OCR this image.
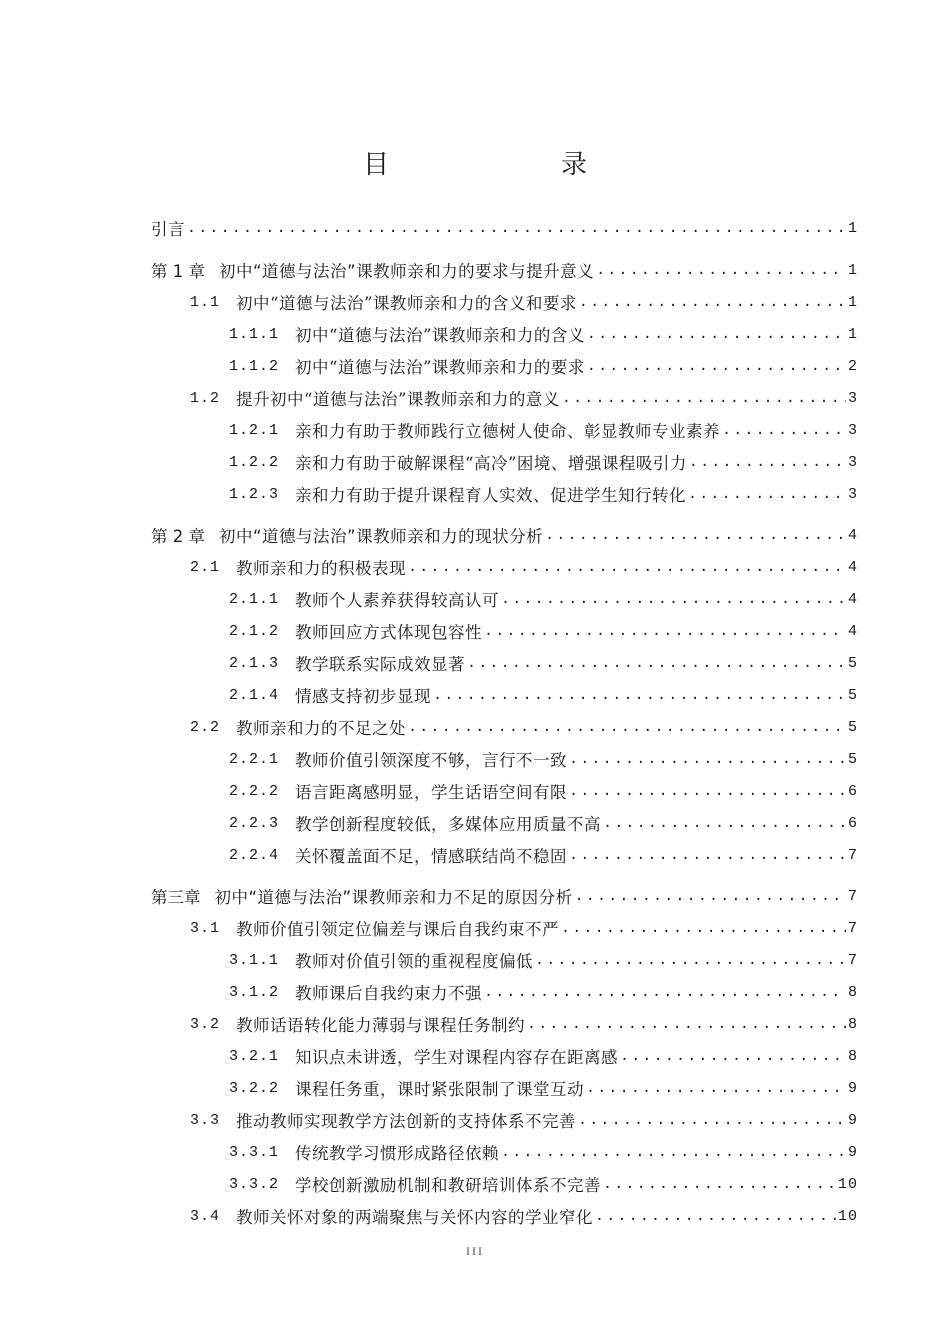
目　　录
引言 .....	1
第 1 章 初中“道德与法治”课教师亲和力的要求与提升意义 .....	1
1.1 初中“道德与法治”课教师亲和力的含义和要求 .....	1
1.1.1 初中“道德与法治”课教师亲和力的含义 .....	1
1.1.2 初中“道德与法治”课教师亲和力的要求 .....	2
1.2 提升初中“道德与法治”课教师亲和力的意义 .....	3
1.2.1 亲和力有助于教师践行立德树人使命、彰显教师专业素养 .....	3
1.2.2 亲和力有助于破解课程“高冷”困境、增强课程吸引力 .....	3
1.2.3 亲和力有助于提升课程育人实效、促进学生知行转化 .....	3
第 2 章 初中“道德与法治”课教师亲和力的现状分析 .....	4
2.1 教师亲和力的积极表现 .....	4
2.1.1 教师个人素养获得较高认可 .....	4
2.1.2 教师回应方式体现包容性 .....	4
2.1.3 教学联系实际成效显著 .....	5
2.1.4 情感支持初步显现 .....	5
2.2 教师亲和力的不足之处 .....	5
2.2.1 教师价值引领深度不够，言行不一致 .....	5
2.2.2 语言距离感明显，学生话语空间有限 .....	6
2.2.3 教学创新程度较低，多媒体应用质量不高 .....	6
2.2.4 关怀覆盖面不足，情感联结尚不稳固 .....	7
第三章 初中“道德与法治”课教师亲和力不足的原因分析 .....	7
3.1 教师价值引领定位偏差与课后自我约束不严 .....	7
3.1.1 教师对价值引领的重视程度偏低 .....	7
3.1.2 教师课后自我约束力不强 .....	8
3.2 教师话语转化能力薄弱与课程任务制约 .....	8
3.2.1 知识点未讲透，学生对课程内容存在距离感 .....	8
3.2.2 课程任务重，课时紧张限制了课堂互动 .....	9
3.3 推动教师实现教学方法创新的支持体系不完善 .....	9
3.3.1 传统教学习惯形成路径依赖 .....	9
3.3.2 学校创新激励机制和教研培训体系不完善 .....	10
3.4 教师关怀对象的两端聚焦与关怀内容的学业窄化 .....	10
III
